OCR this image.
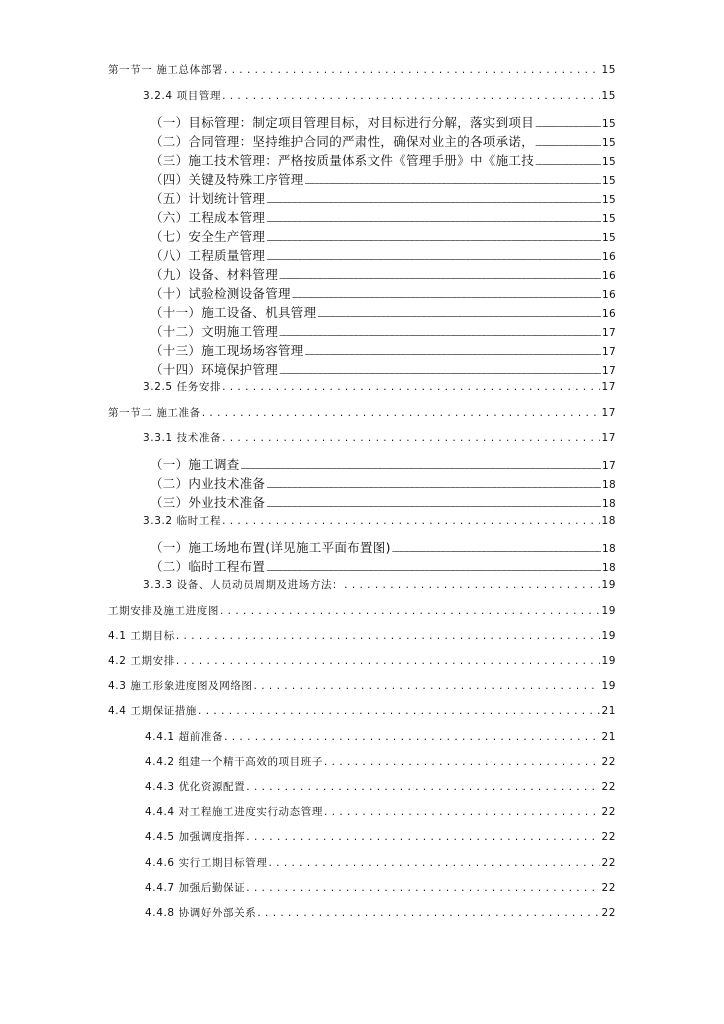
第一节一 施工总体部署 . . .	15
3.2.4 项目管理 . . .	15
（一）目标管理：制定项目管理目标，对目标进行分解，落实到项目 .....	15
（二）合同管理：坚持维护合同的严肃性，确保对业主的各项承诺， .....	15
（三）施工技术管理：严格按质量体系文件《管理手册》中《施工技 .....	15
（四）关键及特殊工序管理 .....	15
（五）计划统计管理 .....	15
（六）工程成本管理 .....	15
（七）安全生产管理 .....	15
（八）工程质量管理 .....	16
（九）设备、材料管理 .....	16
（十）试验检测设备管理 .....	16
（十一）施工设备、机具管理 .....	16
（十二）文明施工管理 .....	17
（十三）施工现场场容管理 .....	17
（十四）环境保护管理 .....	17
3.2.5 任务安排 . . .	17
第一节二 施工准备 . . .	17
3.3.1 技术准备 . . .	17
（一）施工调查 .....	17
（二）内业技术准备 .....	18
（三）外业技术准备 .....	18
3.3.2 临时工程 . . .	18
（一）施工场地布置(详见施工平面布置图) .....	18
（二）临时工程布置 .....	18
3.3.3 设备、人员动员周期及进场方法： . . .	19
工期安排及施工进度图 . . .	19
4.1 工期目标 . . .	19
4.2 工期安排 . . .	19
4.3 施工形象进度图及网络图 . . .	19
4.4 工期保证措施 . . .	21
4.4.1 超前准备 . . .	21
4.4.2 组建一个精干高效的项目班子 . . .	22
4.4.3 优化资源配置 . . .	22
4.4.4 对工程施工进度实行动态管理 . . .	22
4.4.5 加强调度指挥 . . .	22
4.4.6 实行工期目标管理 . . .	22
4.4.7 加强后勤保证 . . .	22
4.4.8 协调好外部关系 . . .	22
